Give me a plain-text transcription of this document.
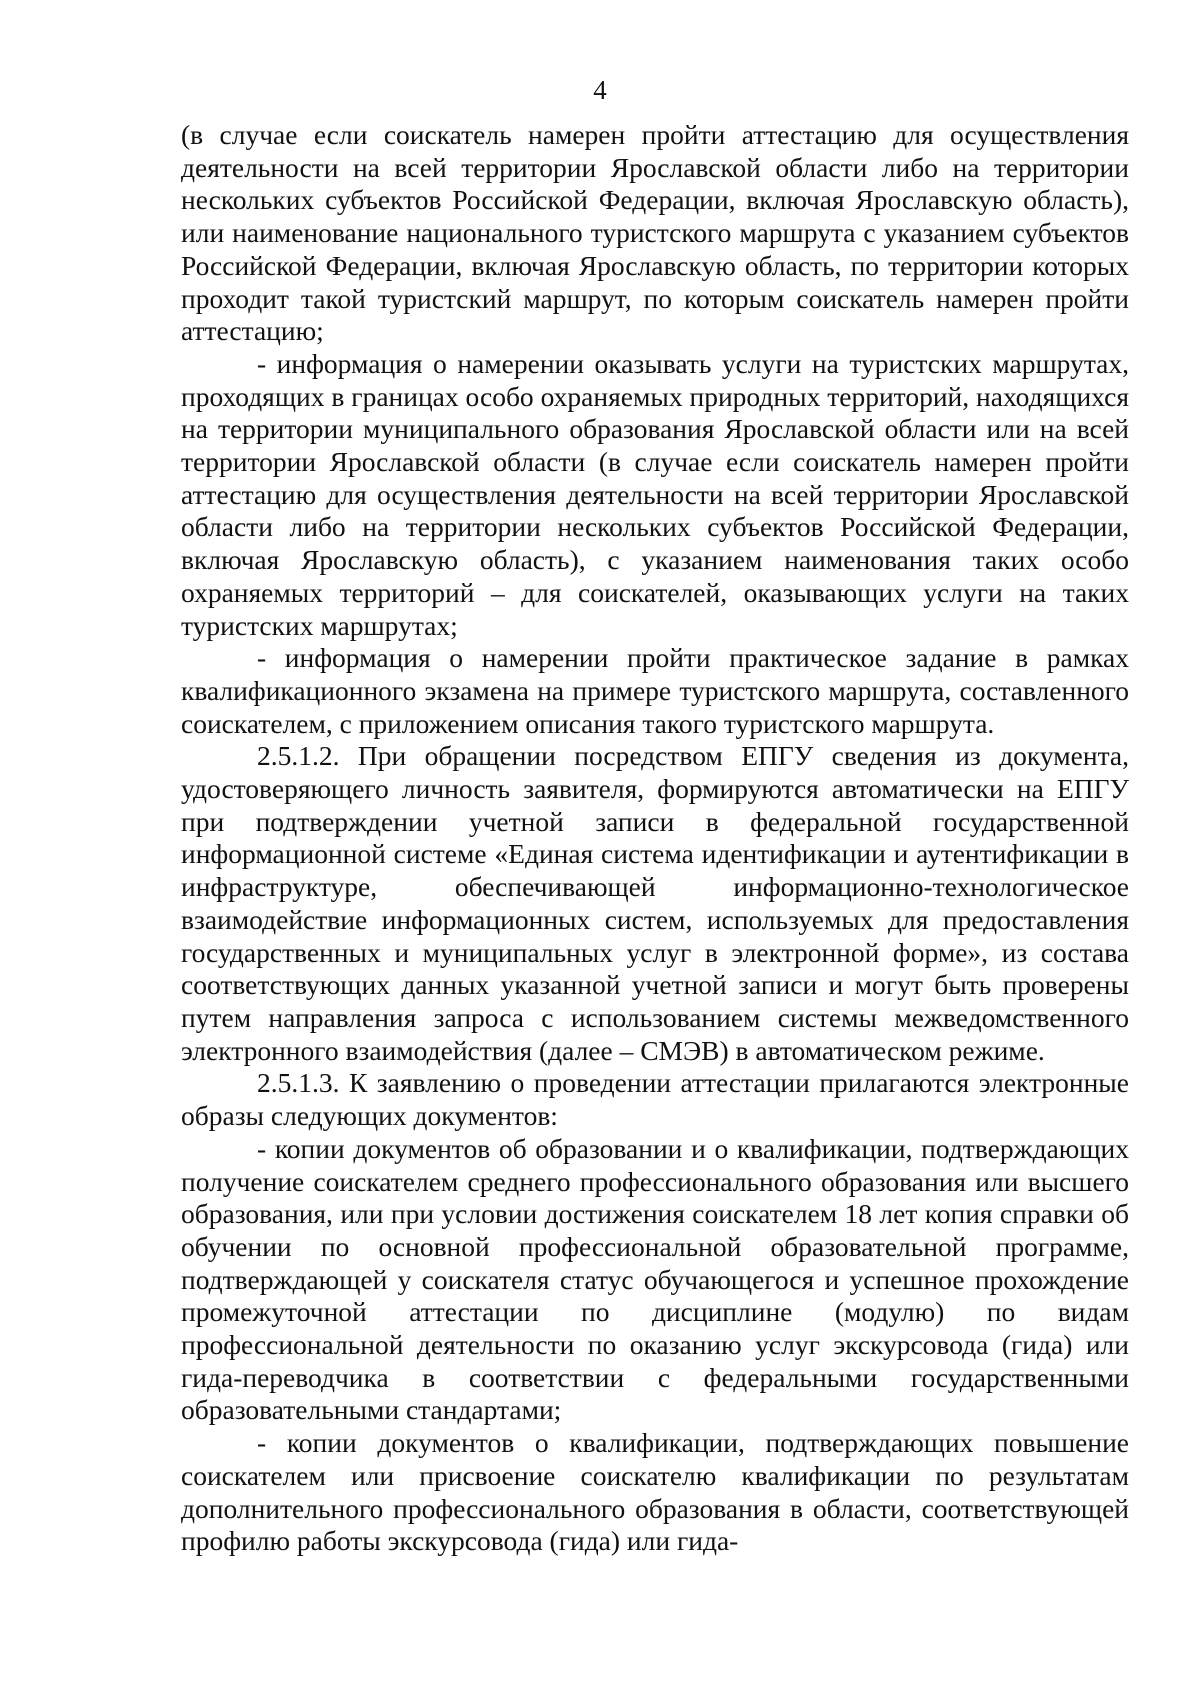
4

(в случае если соискатель намерен пройти аттестацию для осуществления деятельности на всей территории Ярославской области либо на территории нескольких субъектов Российской Федерации, включая Ярославскую область), или наименование национального туристского маршрута с указанием субъектов Российской Федерации, включая Ярославскую область, по территории которых проходит такой туристский маршрут, по которым соискатель намерен пройти аттестацию;

- информация о намерении оказывать услуги на туристских маршрутах, проходящих в границах особо охраняемых природных территорий, находящихся на территории муниципального образования Ярославской области или на всей территории Ярославской области (в случае если соискатель намерен пройти аттестацию для осуществления деятельности на всей территории Ярославской области либо на территории нескольких субъектов Российской Федерации, включая Ярославскую область), с указанием наименования таких особо охраняемых территорий – для соискателей, оказывающих услуги на таких туристских маршрутах;

- информация о намерении пройти практическое задание в рамках квалификационного экзамена на примере туристского маршрута, составленного соискателем, с приложением описания такого туристского маршрута.

2.5.1.2. При обращении посредством ЕПГУ сведения из документа, удостоверяющего личность заявителя, формируются автоматически на ЕПГУ при подтверждении учетной записи в федеральной государственной информационной системе «Единая система идентификации и аутентификации в инфраструктуре, обеспечивающей информационно-технологическое взаимодействие информационных систем, используемых для предоставления государственных и муниципальных услуг в электронной форме», из состава соответствующих данных указанной учетной записи и могут быть проверены путем направления запроса с использованием системы межведомственного электронного взаимодействия (далее – СМЭВ) в автоматическом режиме.

2.5.1.3. К заявлению о проведении аттестации прилагаются электронные образы следующих документов:

- копии документов об образовании и о квалификации, подтверждающих получение соискателем среднего профессионального образования или высшего образования, или при условии достижения соискателем 18 лет копия справки об обучении по основной профессиональной образовательной программе, подтверждающей у соискателя статус обучающегося и успешное прохождение промежуточной аттестации по дисциплине (модулю) по видам профессиональной деятельности по оказанию услуг экскурсовода (гида) или гида-переводчика в соответствии с федеральными государственными образовательными стандартами;

- копии документов о квалификации, подтверждающих повышение соискателем или присвоение соискателю квалификации по результатам дополнительного профессионального образования в области, соответствующей профилю работы экскурсовода (гида) или гида-
